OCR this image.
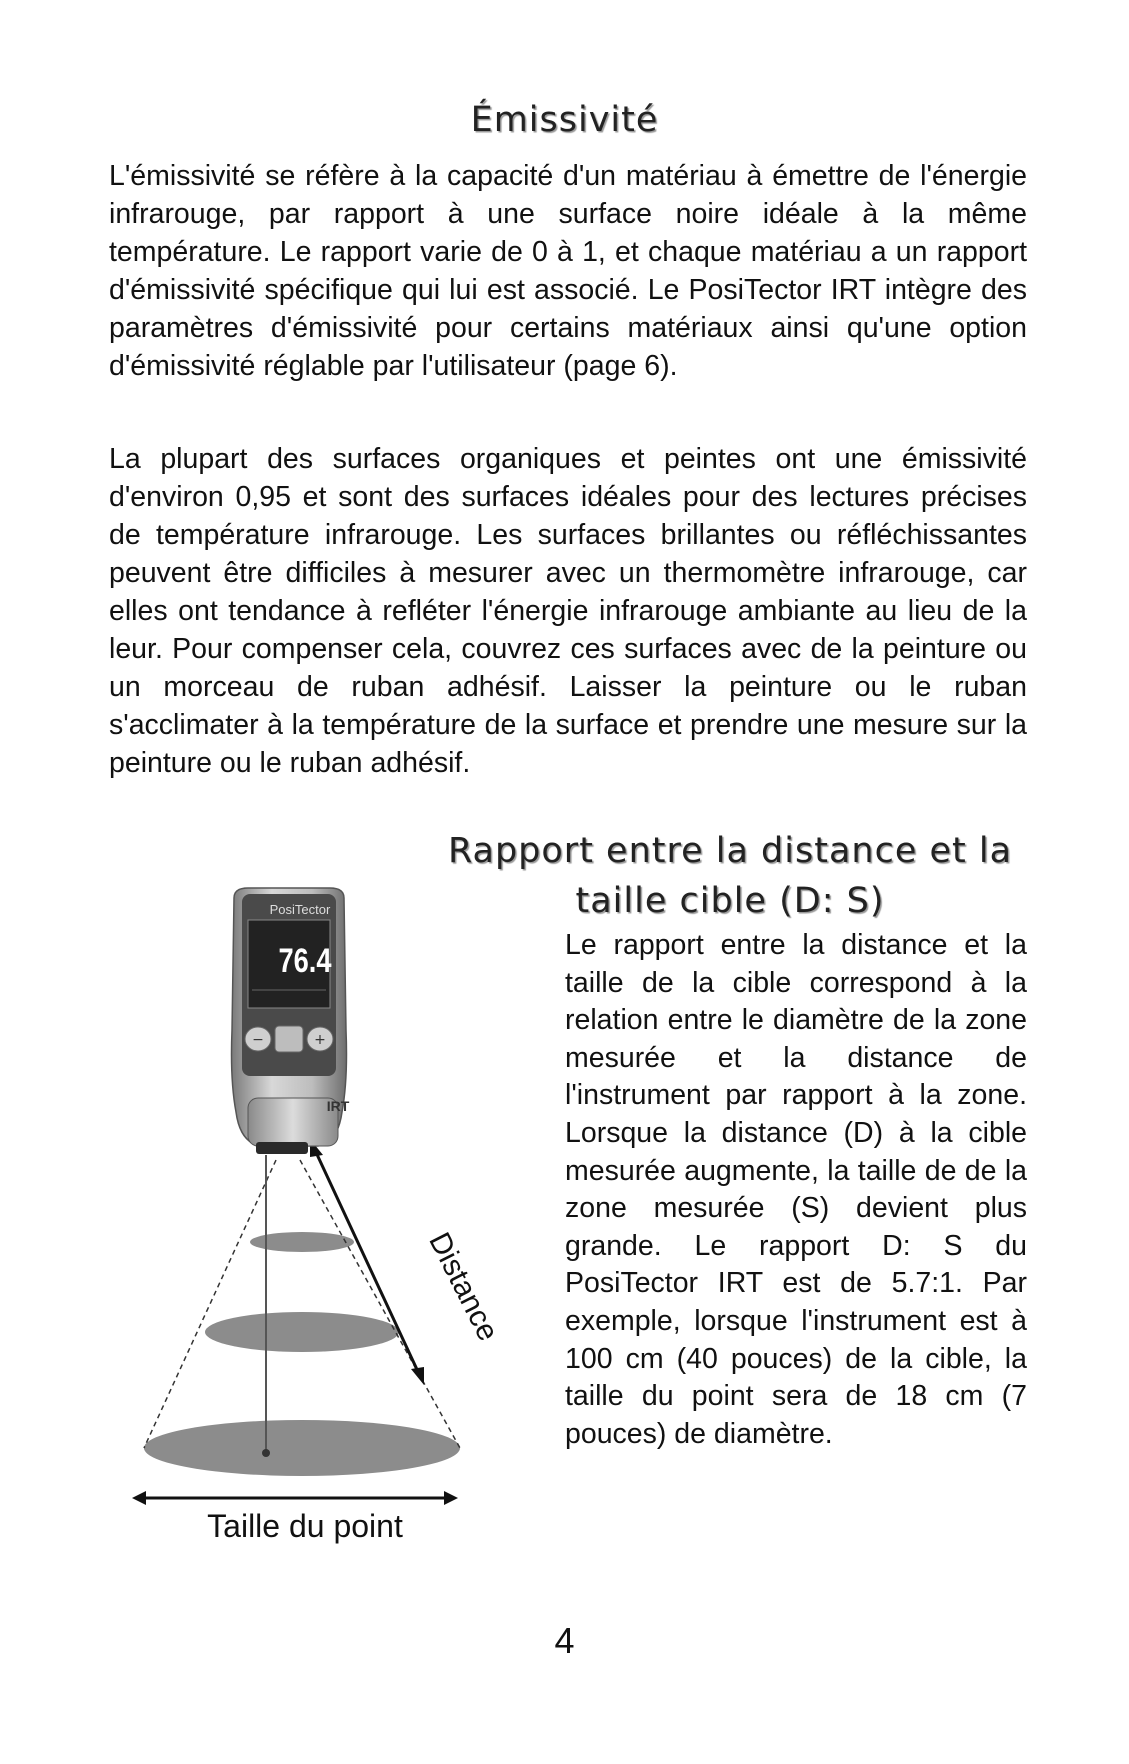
Émissivité

L'émissivité se réfère à la capacité d'un matériau à émettre de l'énergie infrarouge, par rapport à une surface noire idéale à la même température. Le rapport varie de 0 à 1, et chaque matériau a un rapport d'émissivité spécifique qui lui est associé. Le PosiTector IRT intègre des paramètres d'émissivité pour certains matériaux ainsi qu'une option d'émissivité réglable par l'utilisateur (page 6).

La plupart des surfaces organiques et peintes ont une émissivité d'environ 0,95 et sont des surfaces idéales pour des lectures précises de température infrarouge. Les surfaces brillantes ou réfléchissantes peuvent être difficiles à mesurer avec un thermomètre infrarouge, car elles ont tendance à refléter l'énergie infrarouge ambiante au lieu de la leur. Pour compenser cela, couvrez ces surfaces avec de la peinture ou un morceau de ruban adhésif. Laisser la peinture ou le ruban s'acclimater à la température de la surface et prendre une mesure sur la peinture ou le ruban adhésif.

Rapport entre la distance et la taille cible (D: S)
−	+
PosiTector
76.4
IRT
Distance
Taille du point

Le rapport entre la distance et la taille de la cible correspond à la relation entre le diamètre de la zone mesurée et la distance de l'instrument par rapport à la zone. Lorsque la distance (D) à la cible mesurée augmente, la taille de de la zone mesurée (S) devient plus grande. Le rapport D: S du PosiTector IRT est de 5.7:1. Par exemple, lorsque l'instrument est à 100 cm (40 pouces) de la cible, la taille du point sera de 18 cm (7 pouces) de diamètre.

4
